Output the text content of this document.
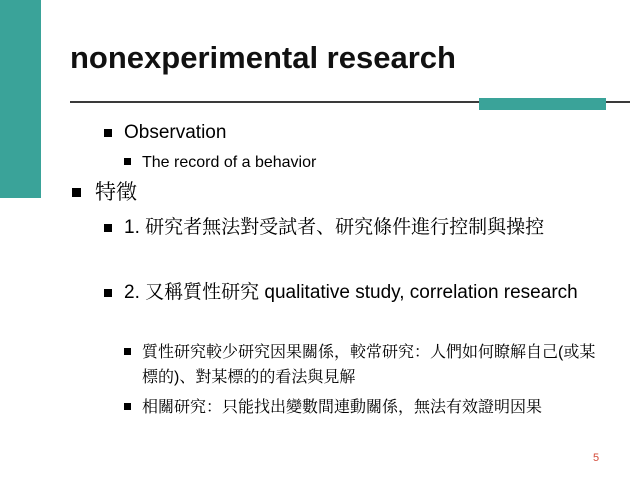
nonexperimental research
Observation
The record of a behavior
特徵
1. 研究者無法對受試者、研究條件進行控制與操控
2. 又稱質性研究 qualitative study, correlation research
質性研究較少研究因果關係，較常研究：人們如何瞭解自己(或某標的)、對某標的的看法與見解
相關研究：只能找出變數間連動關係，無法有效證明因果
5
